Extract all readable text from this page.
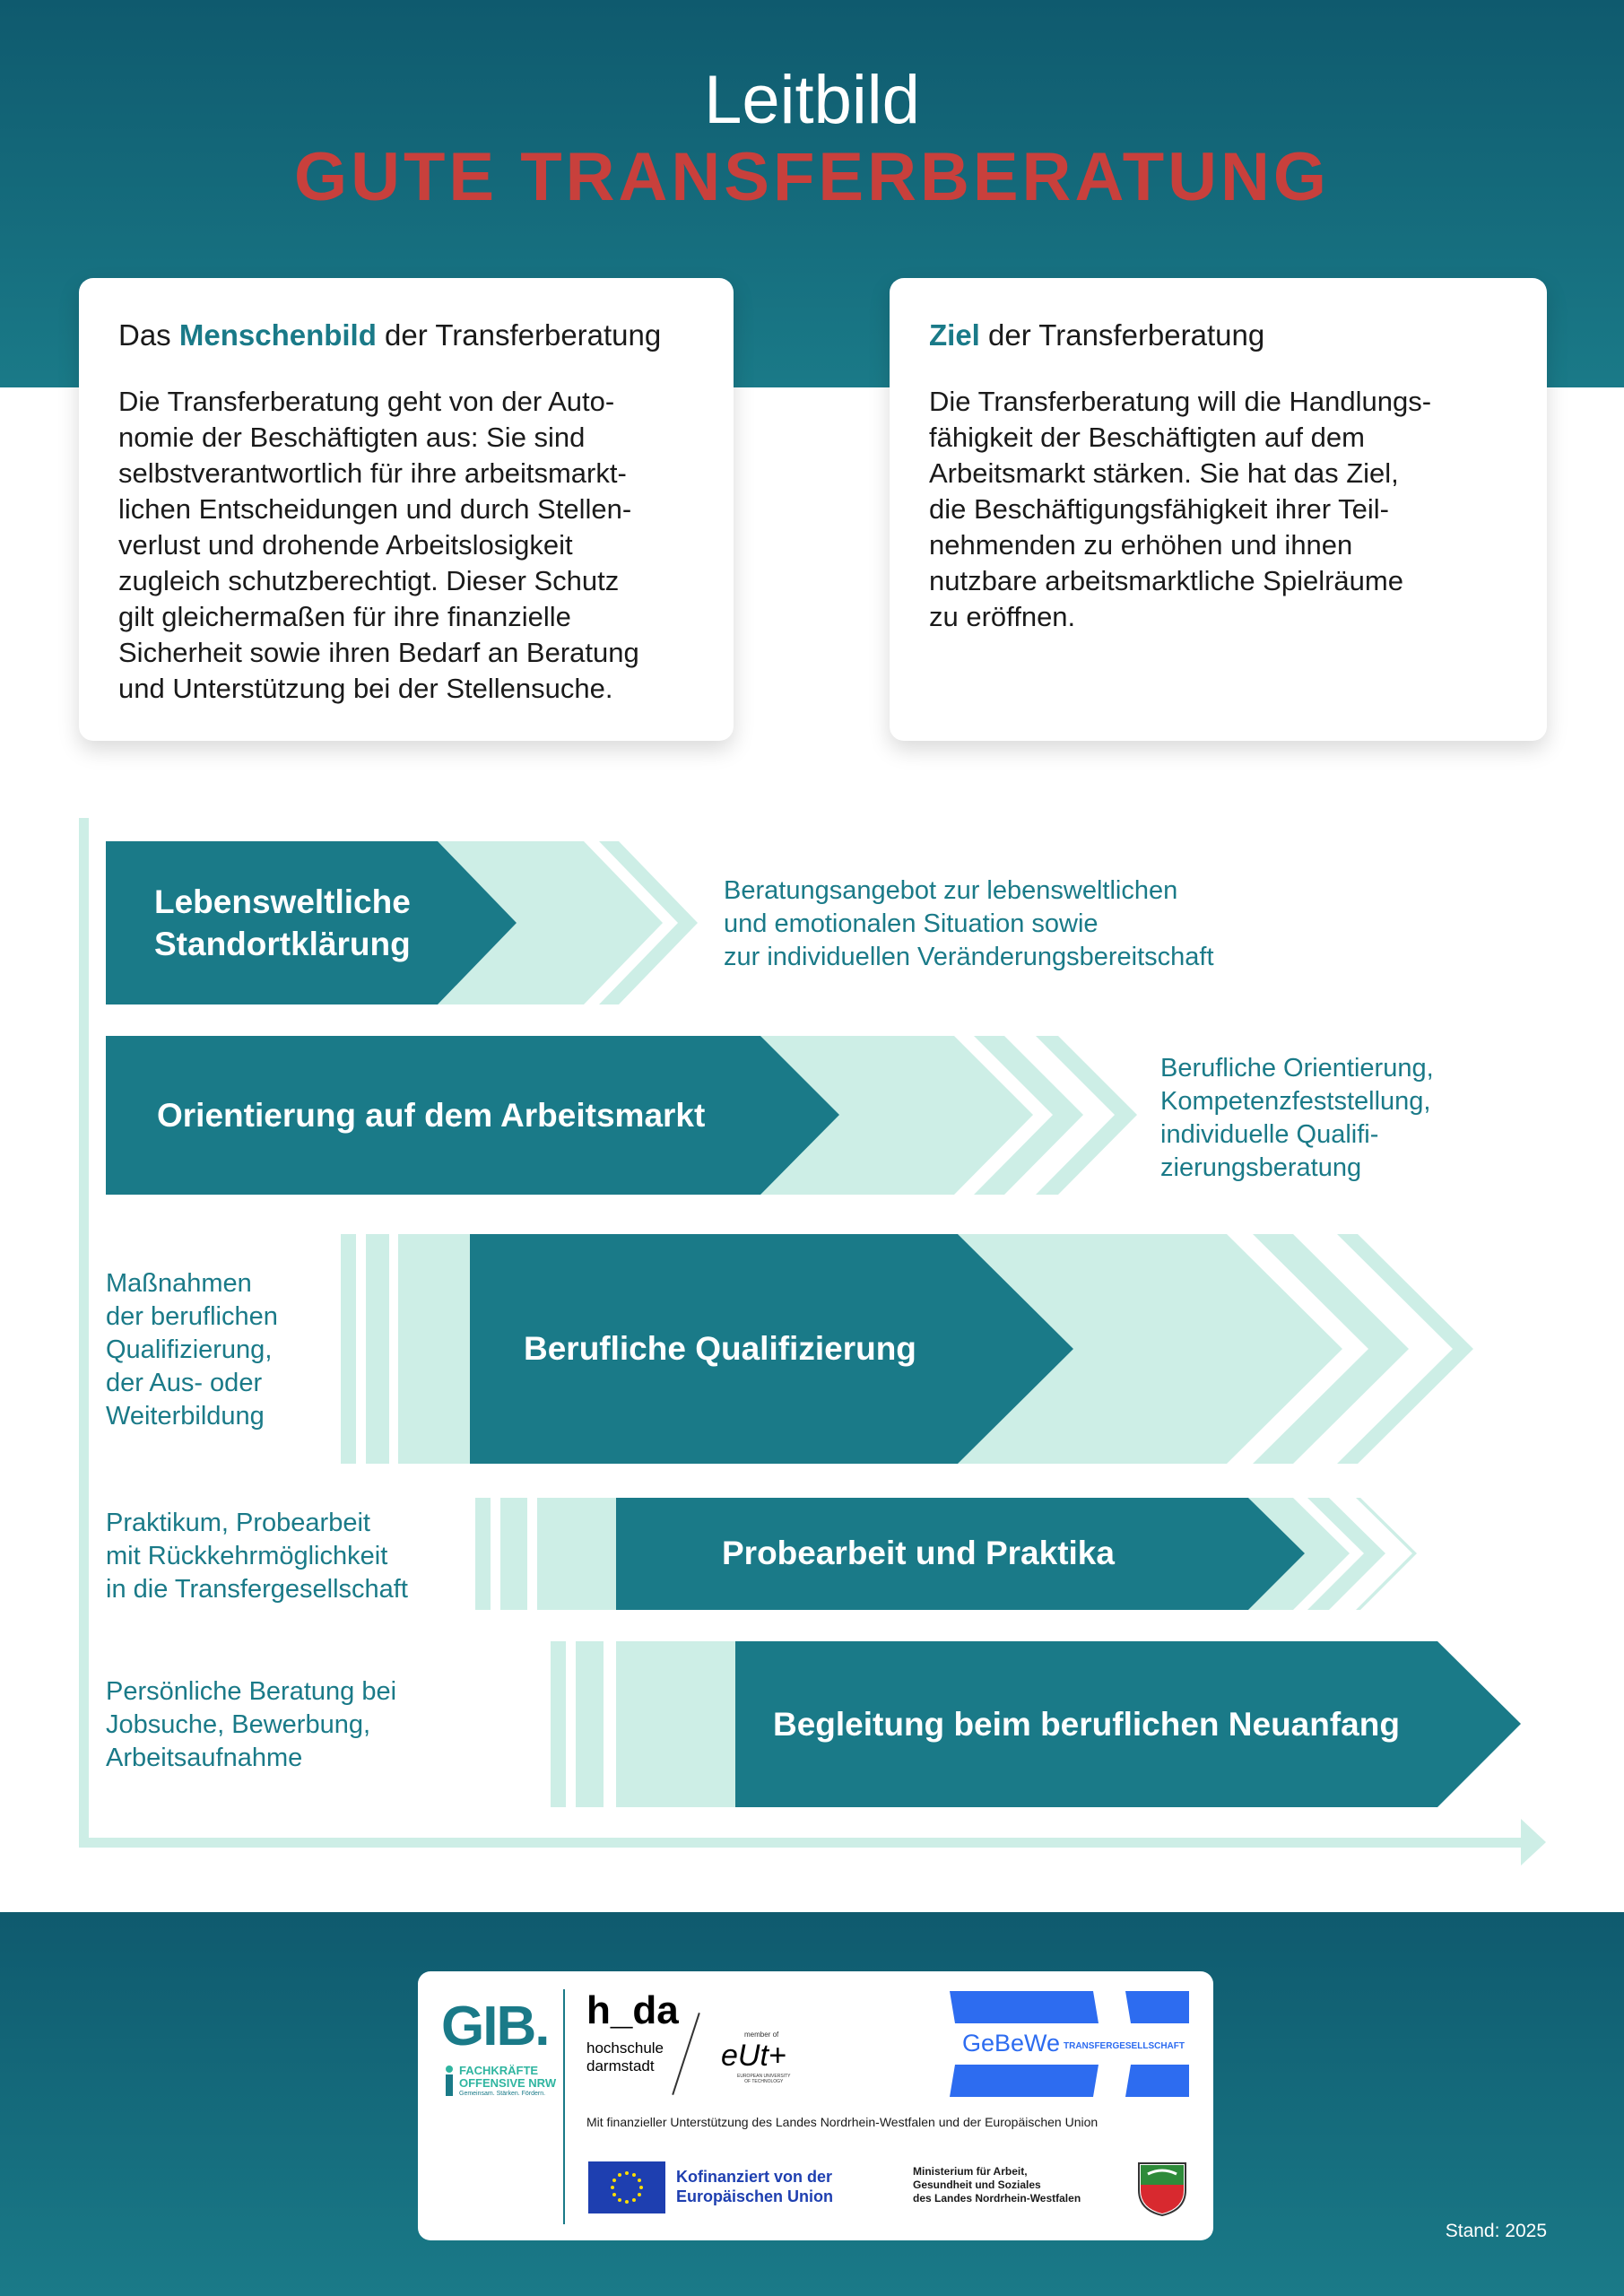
Leitbild
GUTE TRANSFERBERATUNG
Das Menschenbild der Transferberatung
Die Transferberatung geht von der Auto-
nomie der Beschäftigten aus: Sie sind
selbstverantwortlich für ihre arbeitsmarkt-
lichen Entscheidungen und durch Stellen-
verlust und drohende Arbeitslosigkeit
zugleich schutzberechtigt. Dieser Schutz
gilt gleichermaßen für ihre finanzielle
Sicherheit sowie ihren Bedarf an Beratung
und Unterstützung bei der Stellensuche.
Ziel der Transferberatung
Die Transferberatung will die Handlungs-
fähigkeit der Beschäftigten auf dem
Arbeitsmarkt stärken. Sie hat das Ziel,
die Beschäftigungsfähigkeit ihrer Teil-
nehmenden zu erhöhen und ihnen
nutzbare arbeitsmarktliche Spielräume
zu eröffnen.
Lebensweltliche
Standortklärung
Orientierung auf dem Arbeitsmarkt
Berufliche Qualifizierung
Probearbeit und Praktika
Begleitung beim beruflichen Neuanfang
Beratungsangebot zur lebensweltlichen
und emotionalen Situation sowie
zur individuellen Veränderungsbereitschaft
Berufliche Orientierung,
Kompetenzfeststellung,
individuelle Qualifi-
zierungsberatung
Maßnahmen
der beruflichen
Qualifizierung,
der Aus- oder
Weiterbildung
Praktikum, Probearbeit
mit Rückkehrmöglichkeit
in die Transfergesellschaft
Persönliche Beratung bei
Jobsuche, Bewerbung,
Arbeitsaufnahme
GIB.
FACHKRÄFTE
OFFENSIVE NRW
Gemeinsam. Stärken. Fördern.
h_da
hochschule
darmstadt
member of
eUt+
EUROPEAN UNIVERSITY
OF TECHNOLOGY
GeBeWe TRANSFERGESELLSCHAFT
Mit finanzieller Unterstützung des Landes Nordrhein-Westfalen und der Europäischen Union
Kofinanziert von der
Europäischen Union
Ministerium für Arbeit,
Gesundheit und Soziales
des Landes Nordrhein-Westfalen
Stand: 2025
